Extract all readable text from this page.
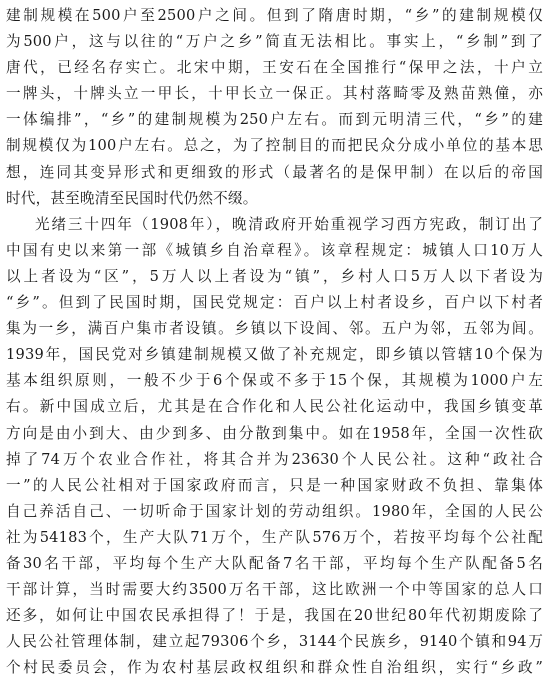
建制规模在500户至2500户之间。但到了隋唐时期，“乡”的建制规模仅
为500户，这与以往的“万户之乡”简直无法相比。事实上，“乡制”到了
唐代，已经名存实亡。北宋中期，王安石在全国推行“保甲之法，十户立
一牌头，十牌头立一甲长，十甲长立一保正。其村落畸零及熟苗熟僮，亦
一体编排”，“乡”的建制规模为250户左右。而到元明清三代，“乡”的建
制规模仅为100户左右。总之，为了控制目的而把民众分成小单位的基本思
想，连同其变异形式和更细致的形式（最著名的是保甲制）在以后的帝国
时代，甚至晚清至民国时代仍然不缀。
光绪三十四年（1908年），晚清政府开始重视学习西方宪政，制订出了
中国有史以来第一部《城镇乡自治章程》。该章程规定：城镇人口10万人
以上者设为“区”，5万人以上者设为“镇”，乡村人口5万人以下者设为
“乡”。但到了民国时期，国民党规定：百户以上村者设乡，百户以下村者
集为一乡，满百户集市者设镇。乡镇以下设闾、邻。五户为邻，五邻为闾。
1939年，国民党对乡镇建制规模又做了补充规定，即乡镇以管辖10个保为
基本组织原则，一般不少于6个保或不多于15个保，其规模为1000户左
右。新中国成立后，尤其是在合作化和人民公社化运动中，我国乡镇变革
方向是由小到大、由少到多、由分散到集中。如在1958年，全国一次性砍
掉了74万个农业合作社，将其合并为23630个人民公社。这种“政社合
一”的人民公社相对于国家政府而言，只是一种国家财政不负担、靠集体
自己养活自己、一切听命于国家计划的劳动组织。1980年，全国的人民公
社为54183个，生产大队71万个，生产队576万个，若按平均每个公社配
备30名干部，平均每个生产大队配备7名干部，平均每个生产队配备5名
干部计算，当时需要大约3500万名干部，这比欧洲一个中等国家的总人口
还多，如何让中国农民承担得了！于是，我国在20世纪80年代初期废除了
人民公社管理体制，建立起79306个乡，3144个民族乡，9140个镇和94万
个村民委员会，作为农村基层政权组织和群众性自治组织，实行“乡政”
